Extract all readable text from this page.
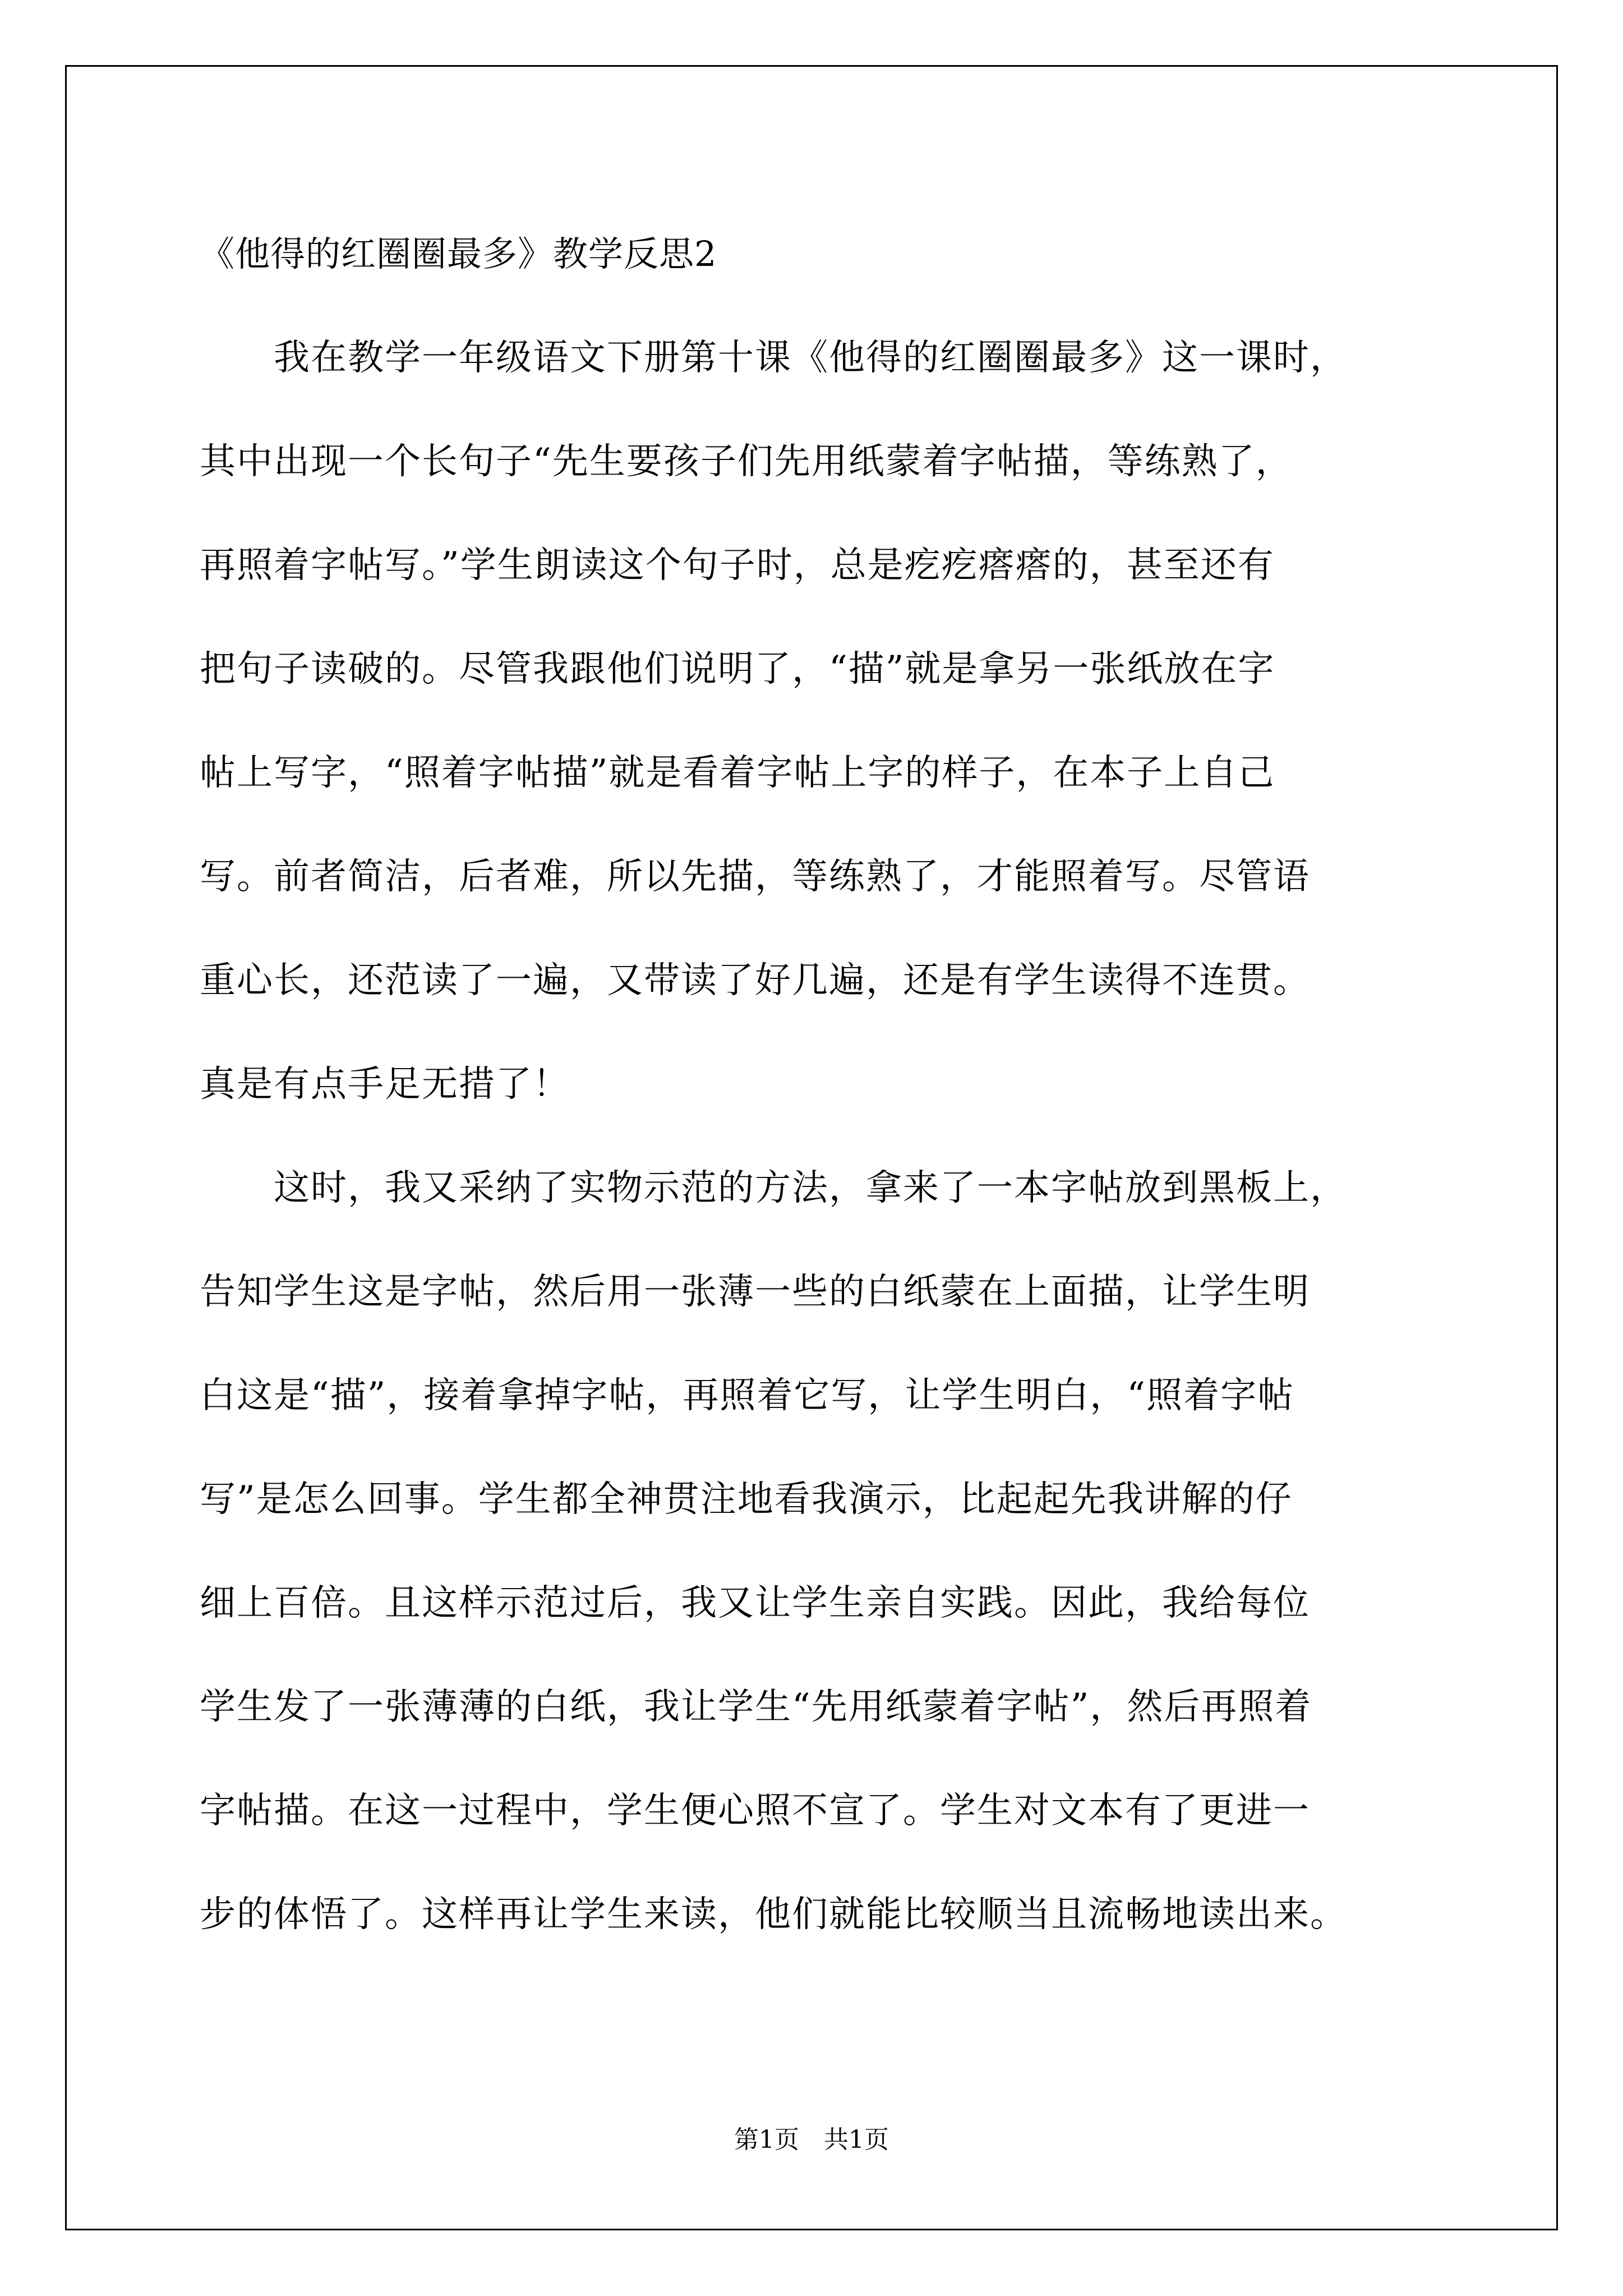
《他得的红圈圈最多》教学反思2
　　我在教学一年级语文下册第十课《他得的红圈圈最多》这一课时，
其中出现一个长句子“先生要孩子们先用纸蒙着字帖描，等练熟了，
再照着字帖写。”学生朗读这个句子时，总是疙疙瘩瘩的，甚至还有
把句子读破的。尽管我跟他们说明了，“描”就是拿另一张纸放在字
帖上写字，“照着字帖描”就是看着字帖上字的样子，在本子上自己
写。前者简洁，后者难，所以先描，等练熟了，才能照着写。尽管语
重心长，还范读了一遍，又带读了好几遍，还是有学生读得不连贯。
真是有点手足无措了！
　　这时，我又采纳了实物示范的方法，拿来了一本字帖放到黑板上，
告知学生这是字帖，然后用一张薄一些的白纸蒙在上面描，让学生明
白这是“描”，接着拿掉字帖，再照着它写，让学生明白，“照着字帖
写”是怎么回事。学生都全神贯注地看我演示，比起起先我讲解的仔
细上百倍。且这样示范过后，我又让学生亲自实践。因此，我给每位
学生发了一张薄薄的白纸，我让学生“先用纸蒙着字帖”，然后再照着
字帖描。在这一过程中，学生便心照不宣了。学生对文本有了更进一
步的体悟了。这样再让学生来读，他们就能比较顺当且流畅地读出来。
第1页 共1页
